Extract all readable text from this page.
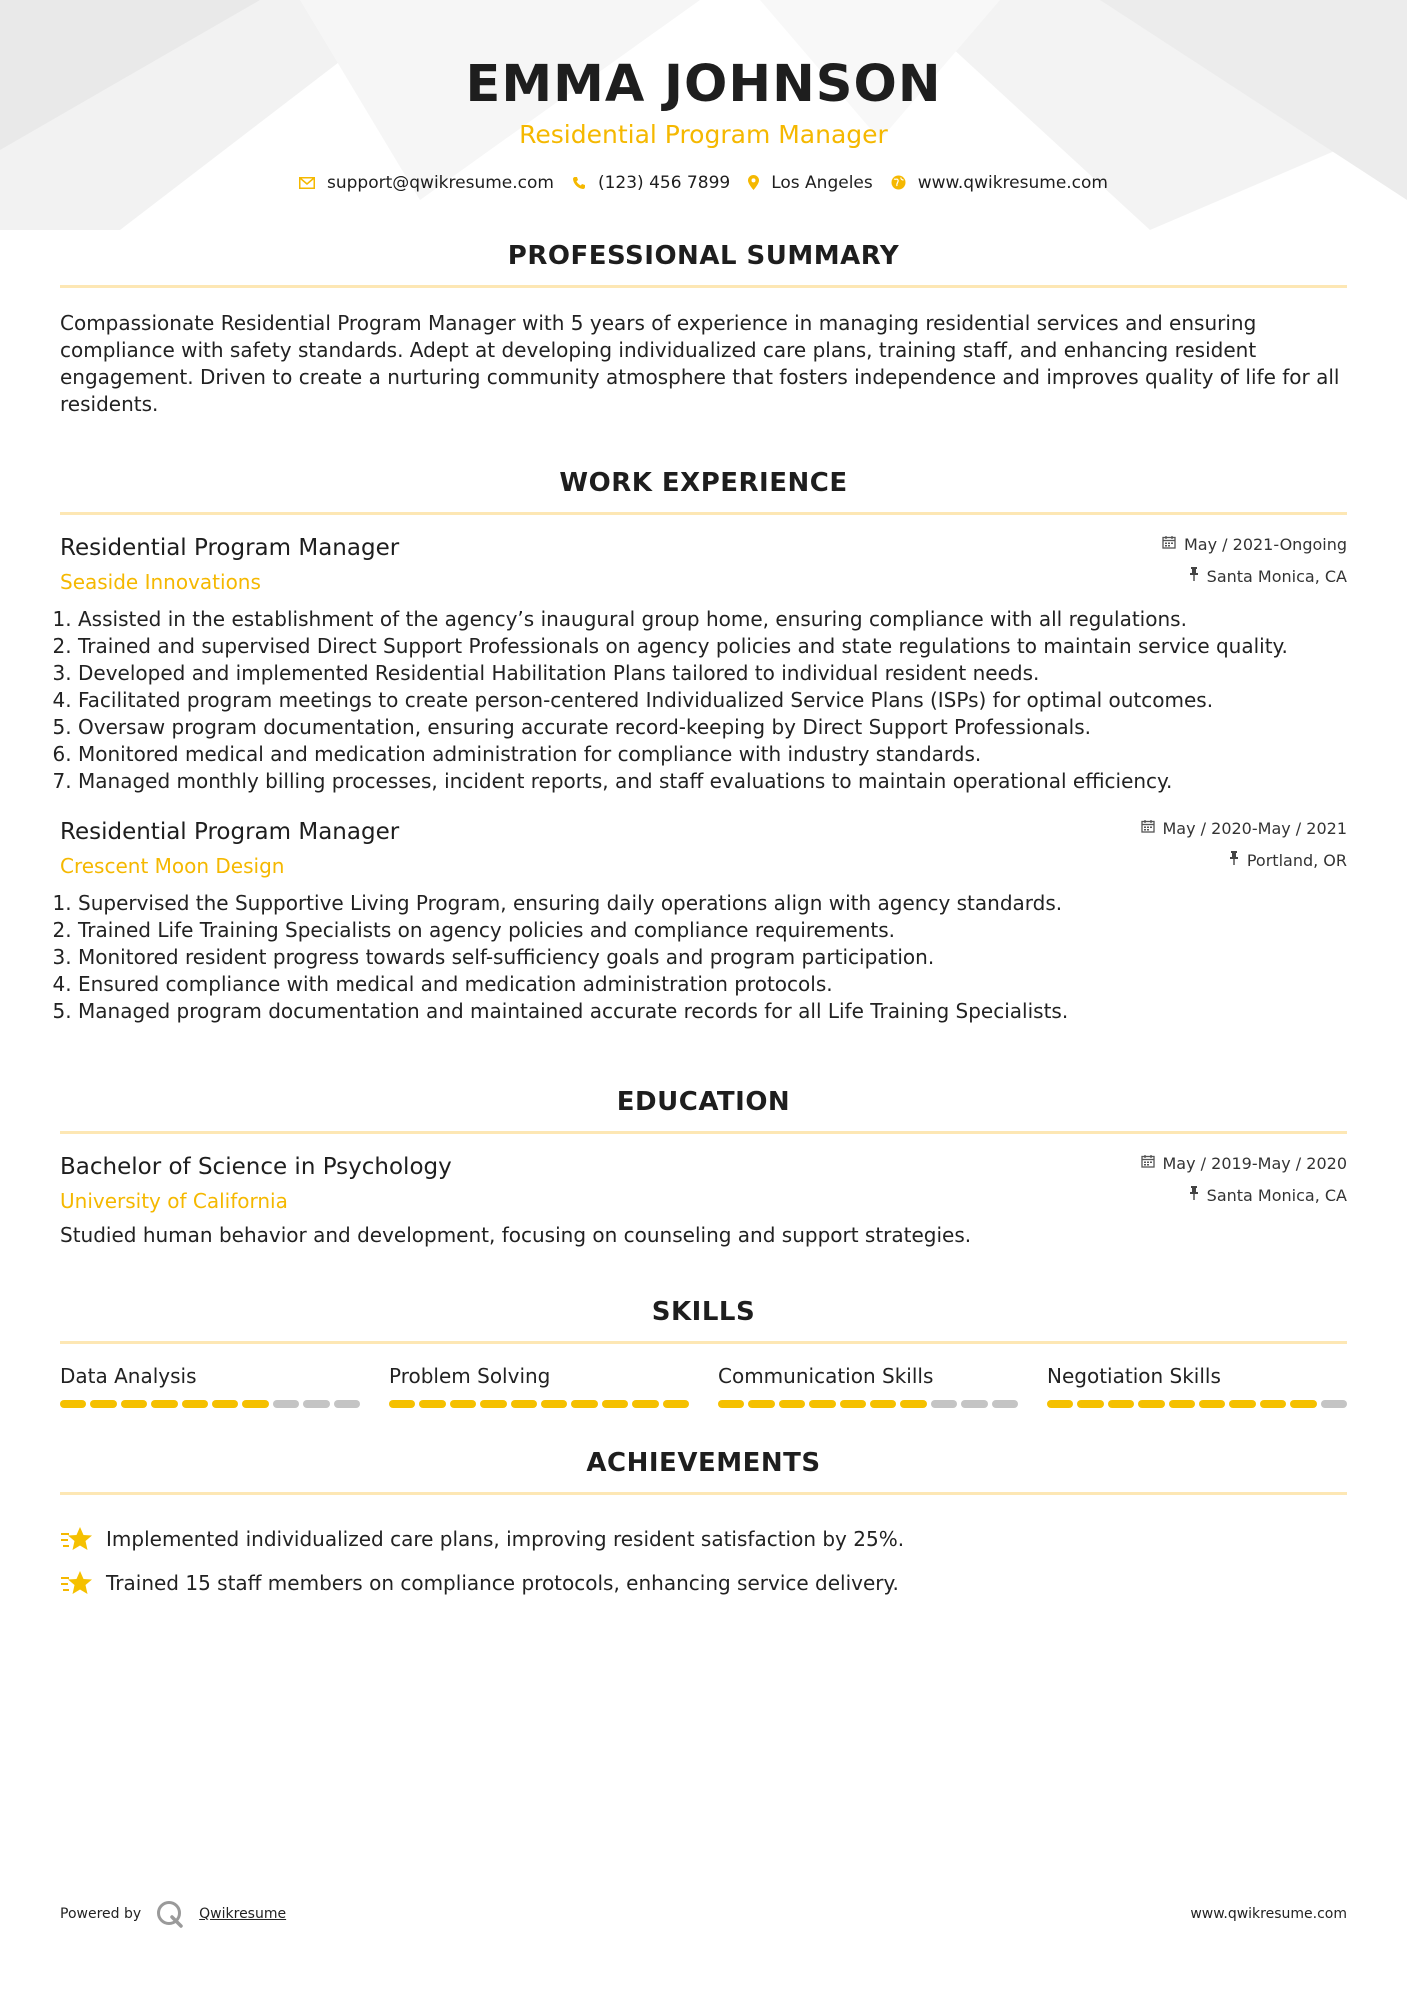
EMMA JOHNSON
Residential Program Manager
support@qwikresume.com	(123) 456 7899 Los Angeles	www.qwikresume.com
PROFESSIONAL SUMMARY

Compassionate Residential Program Manager with 5 years of experience in managing residential services and ensuring compliance with safety standards. Adept at developing individualized care plans, training staff, and enhancing resident engagement. Driven to create a nurturing community atmosphere that fosters independence and improves quality of life for all residents.

WORK EXPERIENCE
Residential Program Manager
Seaside Innovations
May / 2021-Ongoing
Santa Monica, CA
1. Assisted in the establishment of the agency’s inaugural group home, ensuring compliance with all regulations.
2. Trained and supervised Direct Support Professionals on agency policies and state regulations to maintain service quality.
3. Developed and implemented Residential Habilitation Plans tailored to individual resident needs.
4. Facilitated program meetings to create person-centered Individualized Service Plans (ISPs) for optimal outcomes.
5. Oversaw program documentation, ensuring accurate record-keeping by Direct Support Professionals.
6. Monitored medical and medication administration for compliance with industry standards.
7. Managed monthly billing processes, incident reports, and staff evaluations to maintain operational efficiency.
Residential Program Manager
Crescent Moon Design
May / 2020-May / 2021
Portland, OR
1. Supervised the Supportive Living Program, ensuring daily operations align with agency standards.
2. Trained Life Training Specialists on agency policies and compliance requirements.
3. Monitored resident progress towards self-sufficiency goals and program participation.
4. Ensured compliance with medical and medication administration protocols.
5. Managed program documentation and maintained accurate records for all Life Training Specialists.
EDUCATION
Bachelor of Science in Psychology
University of California
May / 2019-May / 2020
Santa Monica, CA
Studied human behavior and development, focusing on counseling and support strategies.
SKILLS
Data Analysis	Problem Solving	Communication Skills	Negotiation Skills
ACHIEVEMENTS
Implemented individualized care plans, improving resident satisfaction by 25%.
Trained 15 staff members on compliance protocols, enhancing service delivery.
Powered by	Qwikresume	www.qwikresume.com
